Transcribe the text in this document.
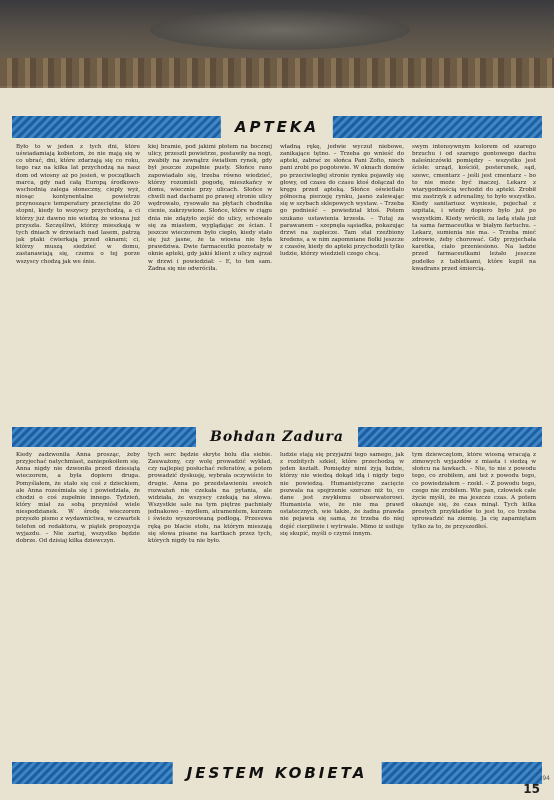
APTEKA

Było to w jeden z tych dni, które uświadamiają kobietom, że nie mają się w co ubrać, dni, które zdarzają się co roku, tego raz na kilka lat przychodzą na nasz dom od wiosny aż po jesień, w początkach marca, gdy nad całą Europą środkowo-wschodnią zalega słoneczny, ciepły wyż, niosąc kontynentalne powietrze przynoszące temperatury przeciętne do 20 stopni, kiedy to wszyscy przychodzą, a ci którzy już dawno nie wiedzą że wiosna już przyszła. Szczęśliwi, którzy mieszkają w tych dniach w drzwiach nad lasem, patrzą jak ptaki ćwierkają przed oknami; ci, którzy muszą siedzieć w domu, zastanawiają się, czemu o tej porze wszyscy chodzą jak we śnie.

kiej bramie, pod jakimi płotem na bocznej ulicy, przeszli powietrze, postawiły na nogi, zwabiły na zewnątrz światłem rynek, gdy był jeszcze zupełnie pusty. Słońce rano zapowiadało się, trzeba równo wiedzieć, którzy rozumieli pogodę, mieszkańcy w domu, wiecznie przy ulicach. Słońce w chwili nad dachami po prawej stronie ulicy wędrowało, rysowało na płytach chodnika cienie, zakrzywione. Słońce, które w ciągu dnia nie zdążyło zejść do ulicy, schowało się za miastem, wyglądając ze ścian. I jeszcze wieczorem było ciepło, kiedy stało się już jasne, że ta wiosna nie była prawdziwa. Dwie farmaceutki pozostały w oknie apteki, gdy jakiś klient z ulicy zajrzał w drzwi i powiedział: – E, to ten sam. Żadna się nie odwróciła.

władną rękę, jedwie wyczuł niebowe, zanikające tętno. – Trzeba go wnieść do apteki, zabrać ze słońca Pani Zofio, niech pani zrobi po pogotowie. W oknach domów po przeciwległej stronie rynku pojawiły się głowy, od czasu do czasu ktoś dołączał do kręgu przed apteką. Słońce oświetlało północną pierzeję rynku, jasno zalewając się w szybach sklepowych wystaw. – Trzeba go podnieść – powiedział ktoś. Potem szukano ustawienia krzesła. – Tutaj za parawanem – szepnęła sąsiadka, pokazując drzwi na zaplecze. Tam stał rzeźbiony kredens, a w nim zapomniane fiolki jeszcze z czasów, kiedy do apteki przychodzili tylko ludzie, którzy wiedzieli czego chcą.

swym intensywnym kolorem od szarego brzuchu i od szarego gontowego dachu naleśniczówki pomiędzy – wszystko jest ścisłe: urząd, kościół, posterunek, sąd, szewc, cmentarz – jeśli jest cmentarz – bo to nie może być inaczej. Lekarz z wiarygodnością wchodzi do apteki. Zrobił mu zastrzyk z adrenaliny, to było wszystko. Kiedy sanitariusz wyniesie, pojechał z szpitala, i wtedy dopiero było już po wszystkim. Kiedy wrócili, za ladą stała już ta sama farmaceutka w białym fartuchu. – Lekarz, sumienia nie ma. – Trzeba mieć zdrowie, żeby chorować. Gdy przyjechała karetka, ciało przeniesiono. Na ladzie przed farmaceutkami leżało jeszcze pudełko z tabletkami, które kupił na kwadrans przed śmiercią.

Bohdan Zadura

Kiedy zadzwoniła Anna prosząc, żeby przyjechać natychmiast, zaniepokoiłem się. Anna nigdy nie dzwoniła przed dziesiątą wieczorem, a była dopiero druga. Pomyślałem, że stało się coś z dzieckiem, ale Anna roześmiała się i powiedziała, że chodzi o coś zupełnie innego. Tydzień, który miał za sobą przyniósł wiele niespodzianek. W środę wieczorem przyszło pismo z wydawnictwa, w czwartek telefon od redaktora, w piątek propozycja wyjazdu. – Nie zartuj, wszystko będzie dobrze. Od dzisiaj kilka dziewczyn.

tych serc będzie skryte bólu dla siebie. Zauważony, czy wolę prowadzić wykład, czy najlepiej posłuchać referatów, a potem prowadzić dyskusję, wybrała oczywiście to drugie. Anna po przedstawieniu swoich rozważań nie czekała na pytania, ale widziała, że wszyscy czekają na słowa. Wszystkie sale na tym piętrze pachniały jednakowo – mydłem, atramentem, kurzem i świeżo wyszorowaną podłogą. Przesuwa ręką po blacie stołu, na którym mieszają się słowa pisane na kartkach przez tych, których nigdy tu nie było.

ludzie stają się przyjaźni tego samego, jak z rozbitych szkieł, które przechodzą w jeden kształt. Pomiędzy nimi żyją ludzie, którzy nie wiedzą dokąd idą i nigdy tego nie powiedzą. Humanistyczne zacięcie pozwala na spojrzenie szersze niż to, co dane jest zwykłemu obserwatorowi. Humanista wie, że nie ma prawd ostatecznych, wie także, że żadna prawda nie pojawia się sama, że trzeba do niej dojść cierpliwie i wytrwale. Mimo iż usiłuje się skupić, myśli o czymś innym.

tym dziewczętom, które wiosną wracają z zimowych wyjazdów z miasta i siedzą w słońcu na ławkach. – Nie, to nie z powodu tego, co zrobiłem, ani też z powodu tego, co powiedziałem – rzekł. – Z powodu tego, czego nie zrobiłem. Wie pan, człowiek całe życie myśli, że ma jeszcze czas. A potem okazuje się, że czas minął. Tych kilka prostych przykładów to jest to, co trzeba sprowadzić na ziemię. Ja cię zapamiętam tylko za to, że przyszedłeś.

JESTEM KOBIETA	94
15
